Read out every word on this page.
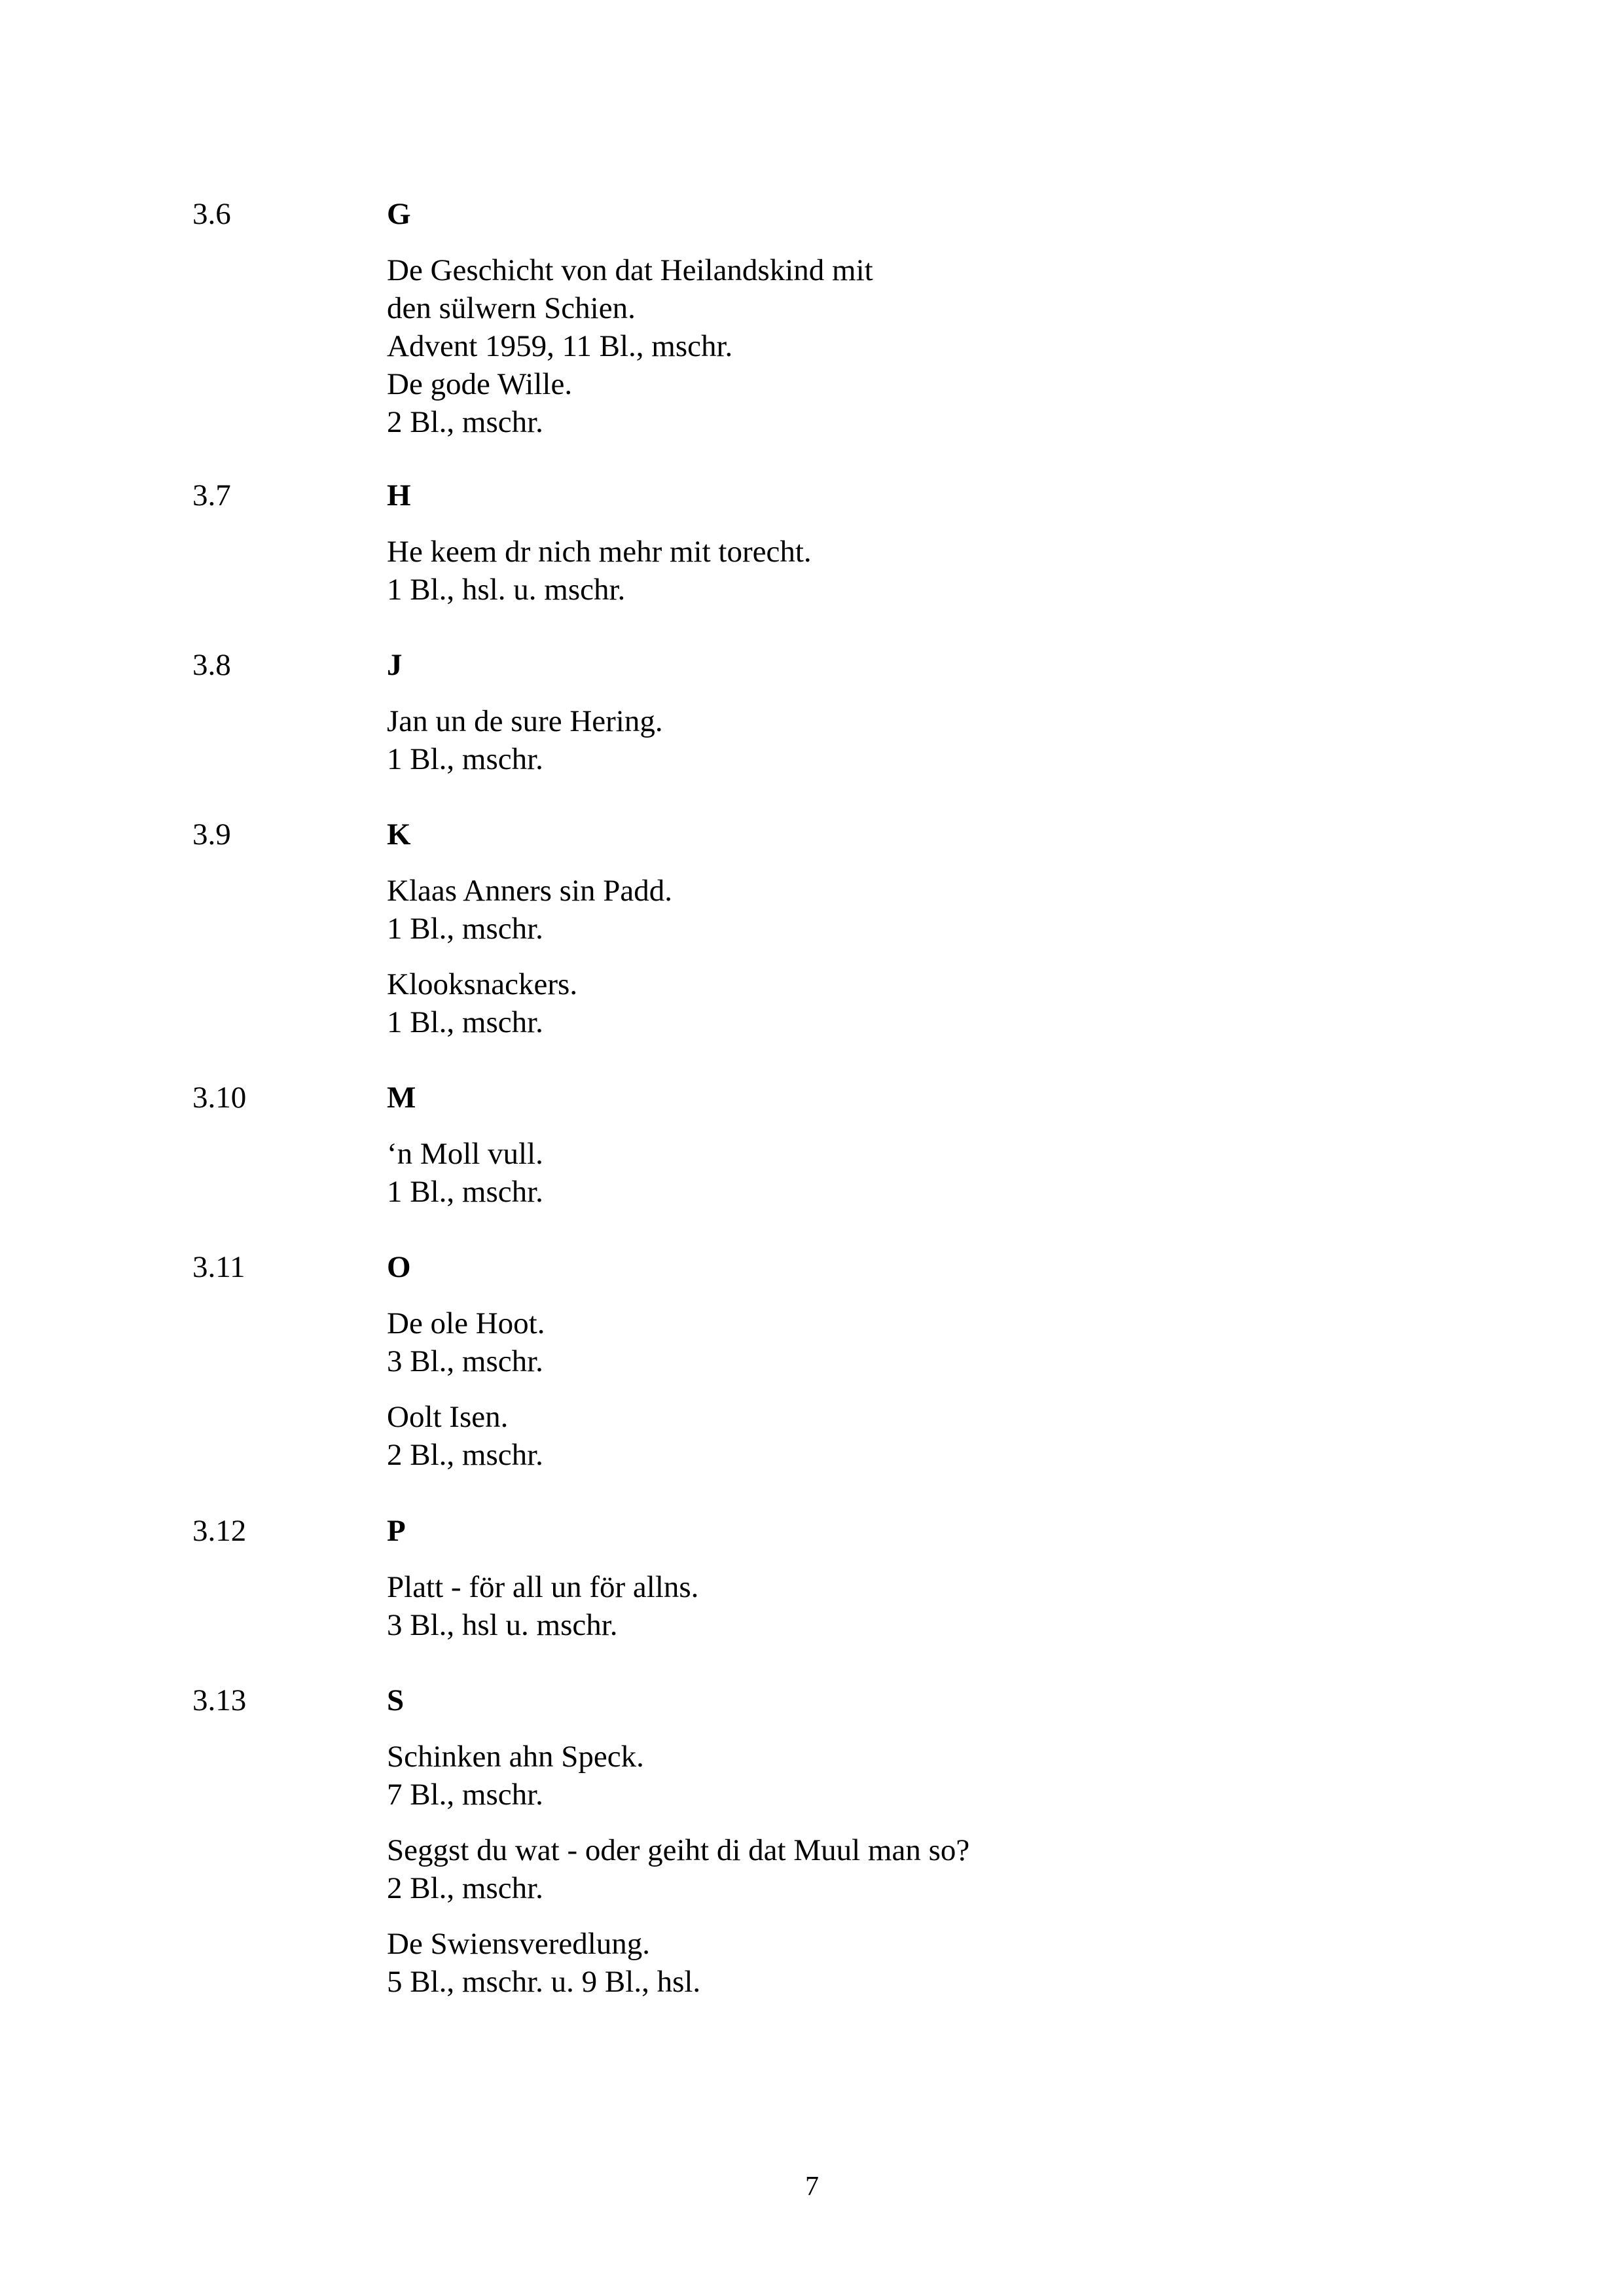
3.6	G
De Geschicht von dat Heilandskind mit
den sülwern Schien.
Advent 1959, 11 Bl., mschr.
De gode Wille.
2 Bl., mschr.
3.7	H
He keem dr nich mehr mit torecht.
1 Bl., hsl. u. mschr.
3.8	J
Jan un de sure Hering.
1 Bl., mschr.
3.9	K
Klaas Anners sin Padd.
1 Bl., mschr.
Klooksnackers.
1 Bl., mschr.
3.10	M
‘n Moll vull.
1 Bl., mschr.
3.11	O
De ole Hoot.
3 Bl., mschr.
Oolt Isen.
2 Bl., mschr.
3.12	P
Platt - för all un för allns.
3 Bl., hsl u. mschr.
3.13	S
Schinken ahn Speck.
7 Bl., mschr.
Seggst du wat - oder geiht di dat Muul man so?
2 Bl., mschr.
De Swiensveredlung.
5 Bl., mschr. u. 9 Bl., hsl.
7
